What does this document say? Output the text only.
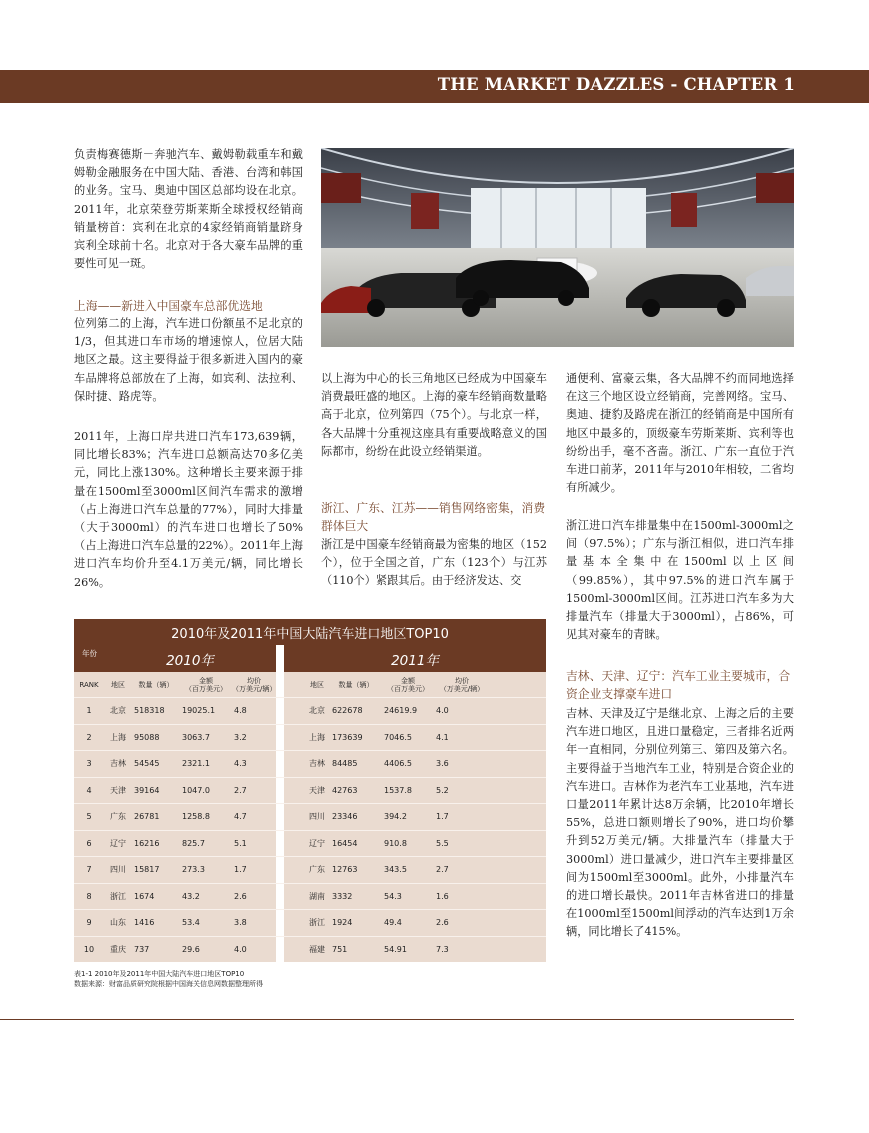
THE MARKET DAZZLES - CHAPTER 1

负责梅赛德斯－奔驰汽车、戴姆勒载重车和戴姆勒金融服务在中国大陆、香港、台湾和韩国的业务。宝马、奥迪中国区总部均设在北京。2011年，北京荣登劳斯莱斯全球授权经销商销量榜首：宾利在北京的4家经销商销量跻身宾利全球前十名。北京对于各大豪车品牌的重要性可见一斑。

上海——新进入中国豪车总部优选地

位列第二的上海，汽车进口份额虽不足北京的1/3，但其进口车市场的增速惊人，位居大陆地区之最。这主要得益于很多新进入国内的豪车品牌将总部放在了上海，如宾利、法拉利、保时捷、路虎等。

2011年，上海口岸共进口汽车173,639辆，同比增长83%；汽车进口总额高达70多亿美元，同比上涨130%。这种增长主要来源于排量在1500ml至3000ml区间汽车需求的激增（占上海进口汽车总量的77%），同时大排量（大于3000ml）的汽车进口也增长了50%（占上海进口汽车总量的22%）。2011年上海进口汽车均价升至4.1万美元/辆，同比增长26%。

以上海为中心的长三角地区已经成为中国豪车消费最旺盛的地区。上海的豪车经销商数量略高于北京，位列第四（75个）。与北京一样，各大品牌十分重视这座具有重要战略意义的国际都市，纷纷在此设立经销渠道。

浙江、广东、江苏——销售网络密集，消费群体巨大

浙江是中国豪车经销商最为密集的地区（152个），位于全国之首，广东（123个）与江苏（110个）紧跟其后。由于经济发达、交

通便利、富豪云集，各大品牌不约而同地选择在这三个地区设立经销商，完善网络。宝马、奥迪、捷豹及路虎在浙江的经销商是中国所有地区中最多的，顶级豪车劳斯莱斯、宾利等也纷纷出手，毫不吝啬。浙江、广东一直位于汽车进口前茅，2011年与2010年相较，二省均有所减少。

浙江进口汽车排量集中在1500ml-3000ml之间（97.5%）；广东与浙江相似，进口汽车排量基本全集中在1500ml以上区间（99.85%），其中97.5%的进口汽车属于1500ml-3000ml区间。江苏进口汽车多为大排量汽车（排量大于3000ml），占86%，可见其对豪车的青睐。

吉林、天津、辽宁：汽车工业主要城市，合资企业支撑豪车进口

吉林、天津及辽宁是继北京、上海之后的主要汽车进口地区，且进口量稳定，三者排名近两年一直相同，分别位列第三、第四及第六名。主要得益于当地汽车工业，特别是合资企业的汽车进口。吉林作为老汽车工业基地，汽车进口量2011年累计达8万余辆，比2010年增长55%，总进口额则增长了90%，进口均价攀升到52万美元/辆。大排量汽车（排量大于3000ml）进口量减少，进口汽车主要排量区间为1500ml至3000ml。此外，小排量汽车的进口增长最快。2011年吉林省进口的排量在1000ml至1500ml间浮动的汽车达到1万余辆，同比增长了415%。

2010年及2011年中国大陆汽车进口地区TOP10											
年份	2010年					2011年					
RANK	地区	数量（辆）	金额
（百万美元）	均价
（万美元/辆）			地区	数量（辆）	金额
（百万美元）	均价
（万美元/辆）	
1	北京	518318	19025.1	4.8			北京	622678	24619.9	4.0	
2	上海	95088	3063.7	3.2			上海	173639	7046.5	4.1	
3	吉林	54545	2321.1	4.3			吉林	84485	4406.5	3.6	
4	天津	39164	1047.0	2.7			天津	42763	1537.8	5.2	
5	广东	26781	1258.8	4.7			四川	23346	394.2	1.7	
6	辽宁	16216	825.7	5.1			辽宁	16454	910.8	5.5	
7	四川	15817	273.3	1.7			广东	12763	343.5	2.7	
8	浙江	1674	43.2	2.6			湖南	3332	54.3	1.6	
9	山东	1416	53.4	3.8			浙江	1924	49.4	2.6	
10	重庆	737	29.6	4.0			福建	751	54.91	7.3	

表1-1 2010年及2011年中国大陆汽车进口地区TOP10
数据来源：财富品质研究院根据中国海关信息网数据整理所得
